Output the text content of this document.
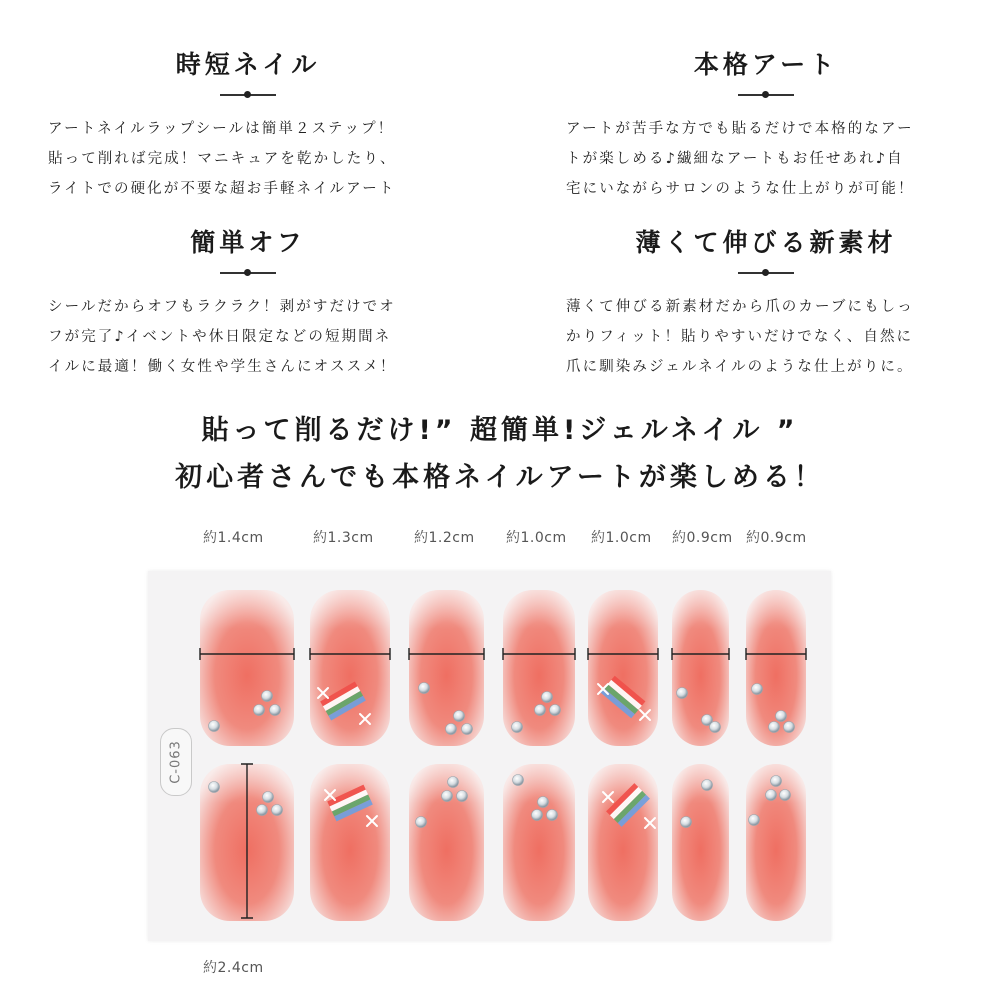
時短ネイル

アートネイルラップシールは簡単２ステップ！
貼って削れば完成！マニキュアを乾かしたり、
ライトでの硬化が不要な超お手軽ネイルアート

本格アート

アートが苦手な方でも貼るだけで本格的なアー
トが楽しめる♪繊細なアートもお任せあれ♪自
宅にいながらサロンのような仕上がりが可能！

簡単オフ

シールだからオフもラクラク！剥がすだけでオ
フが完了♪イベントや休日限定などの短期間ネ
イルに最適！働く女性や学生さんにオススメ！

薄くて伸びる新素材

薄くて伸びる新素材だから爪のカーブにもしっ
かりフィット！貼りやすいだけでなく、自然に
爪に馴染みジェルネイルのような仕上がりに。

貼って削るだけ!” 超簡単!ジェルネイル ”
初心者さんでも本格ネイルアートが楽しめる！
約1.4cm	約1.3cm	約1.2cm 約1.0cm 約1.0cm 約0.9cm 約0.9cm
C-063
約2.4cm
